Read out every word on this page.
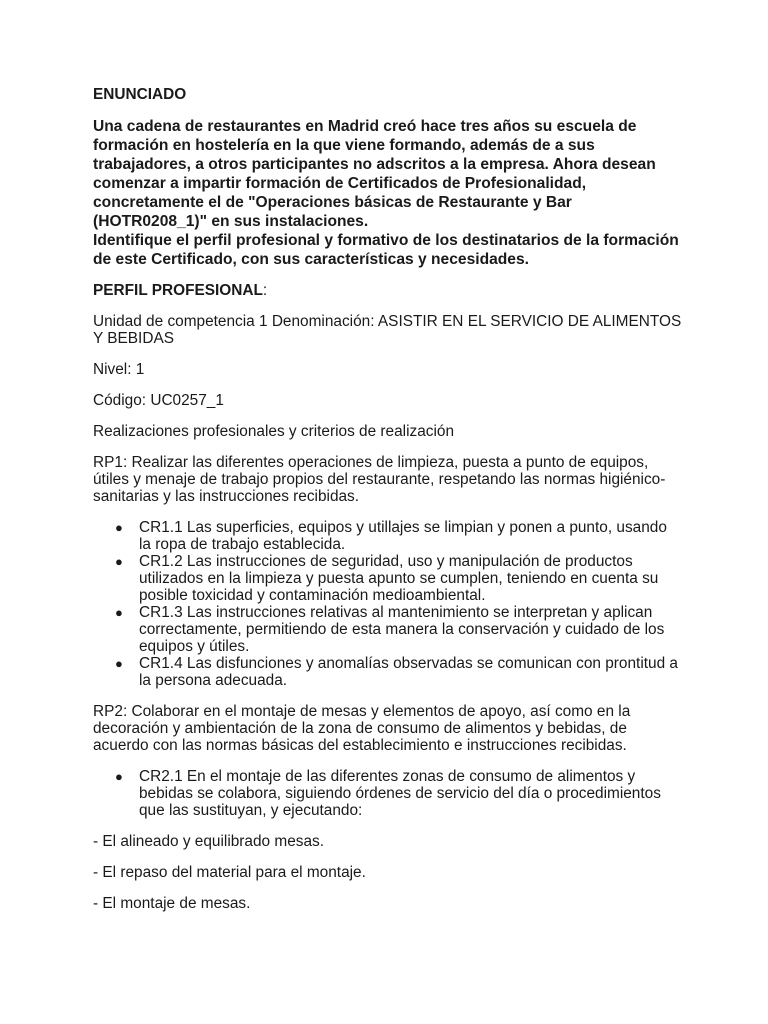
ENUNCIADO

Una cadena de restaurantes en Madrid creó hace tres años su escuela de formación en hostelería en la que viene formando, además de a sus trabajadores, a otros participantes no adscritos a la empresa. Ahora desean comenzar a impartir formación de Certificados de Profesionalidad, concretamente el de "Operaciones básicas de Restaurante y Bar (HOTR0208_1)" en sus instalaciones.

Identifique el perfil profesional y formativo de los destinatarios de la formación de este Certificado, con sus características y necesidades.

PERFIL PROFESIONAL:

Unidad de competencia 1 Denominación: ASISTIR EN EL SERVICIO DE ALIMENTOS Y BEBIDAS

Nivel: 1

Código: UC0257_1

Realizaciones profesionales y criterios de realización

RP1: Realizar las diferentes operaciones de limpieza, puesta a punto de equipos, útiles y menaje de trabajo propios del restaurante, respetando las normas higiénico-sanitarias y las instrucciones recibidas.

● CR1.1 Las superficies, equipos y utillajes se limpian y ponen a punto, usando la ropa de trabajo establecida.
● CR1.2 Las instrucciones de seguridad, uso y manipulación de productos utilizados en la limpieza y puesta apunto se cumplen, teniendo en cuenta su posible toxicidad y contaminación medioambiental.
● CR1.3 Las instrucciones relativas al mantenimiento se interpretan y aplican correctamente, permitiendo de esta manera la conservación y cuidado de los equipos y útiles.
● CR1.4 Las disfunciones y anomalías observadas se comunican con prontitud a la persona adecuada.

RP2: Colaborar en el montaje de mesas y elementos de apoyo, así como en la decoración y ambientación de la zona de consumo de alimentos y bebidas, de acuerdo con las normas básicas del establecimiento e instrucciones recibidas.

● CR2.1 En el montaje de las diferentes zonas de consumo de alimentos y bebidas se colabora, siguiendo órdenes de servicio del día o procedimientos que las sustituyan, y ejecutando:

- El alineado y equilibrado mesas.

- El repaso del material para el montaje.

- El montaje de mesas.
